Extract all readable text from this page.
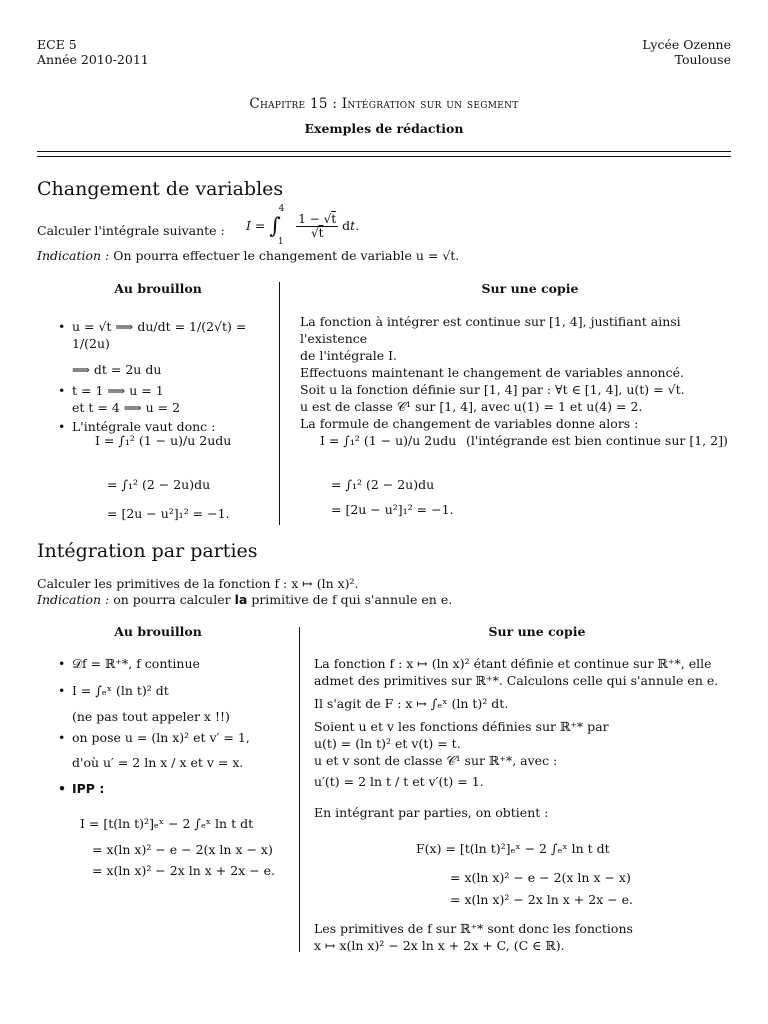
ECE 5
Année 2010-2011
Lycée Ozenne
Toulouse
Chapitre 15 : Intégration sur un segment
Exemples de rédaction
Changement de variables
Calculer l'intégrale suivante : $I = \int_1^4$
$\frac{1 - √t}{√t}$ dt.
Indication : On pourra effectuer le changement de variable u = √t.
Au brouillon	Sur une copie
• u = √t ⟹ du/dt = 1/(2√t) = 1/(2u)
⟹ dt = 2u du
• t = 1 ⟹ u = 1
et t = 4 ⟹ u = 2
• L'intégrale vaut donc :
I = ∫₁² (1 − u)/u 2udu
= ∫₁² (2 − 2u)du
= [2u − u²]₁² = −1.
La fonction à intégrer est continue sur [1, 4], justifiant ainsi l'existence
de l'intégrale I.
Effectuons maintenant le changement de variables annoncé.
Soit u la fonction définie sur [1, 4] par : ∀t ∈ [1, 4], u(t) = √t.
u est de classe 𝒞¹ sur [1, 4], avec u(1) = 1 et u(4) = 2.
La formule de changement de variables donne alors :
I = ∫₁² (1 − u)/u 2udu (l'intégrande est bien continue sur [1, 2])
= ∫₁² (2 − 2u)du
= [2u − u²]₁² = −1.
Intégration par parties
Calculer les primitives de la fonction f : x ↦ (ln x)².
Indication : on pourra calculer la primitive de f qui s'annule en e.
Au brouillon	Sur une copie
• 𝒟f = ℝ⁺*, f continue
• I = ∫ₑˣ (ln t)² dt
(ne pas tout appeler x !!)
• on pose u = (ln x)² et v′ = 1,
d'où u′ = 2 ln x / x et v = x.
• IPP :
I = [t(ln t)²]ₑˣ − 2 ∫ₑˣ ln t dt
= x(ln x)² − e − 2(x ln x − x)
= x(ln x)² − 2x ln x + 2x − e.
La fonction f : x ↦ (ln x)² étant définie et continue sur ℝ⁺*, elle
admet des primitives sur ℝ⁺*. Calculons celle qui s'annule en e.
Il s'agit de F : x ↦ ∫ₑˣ (ln t)² dt.
Soient u et v les fonctions définies sur ℝ⁺* par
u(t) = (ln t)² et v(t) = t.
u et v sont de classe 𝒞¹ sur ℝ⁺*, avec :
u′(t) = 2 ln t / t et v′(t) = 1.
En intégrant par parties, on obtient :
F(x) = [t(ln t)²]ₑˣ − 2 ∫ₑˣ ln t dt
= x(ln x)² − e − 2(x ln x − x)
= x(ln x)² − 2x ln x + 2x − e.
Les primitives de f sur ℝ⁺* sont donc les fonctions
x ↦ x(ln x)² − 2x ln x + 2x + C, (C ∈ ℝ).
